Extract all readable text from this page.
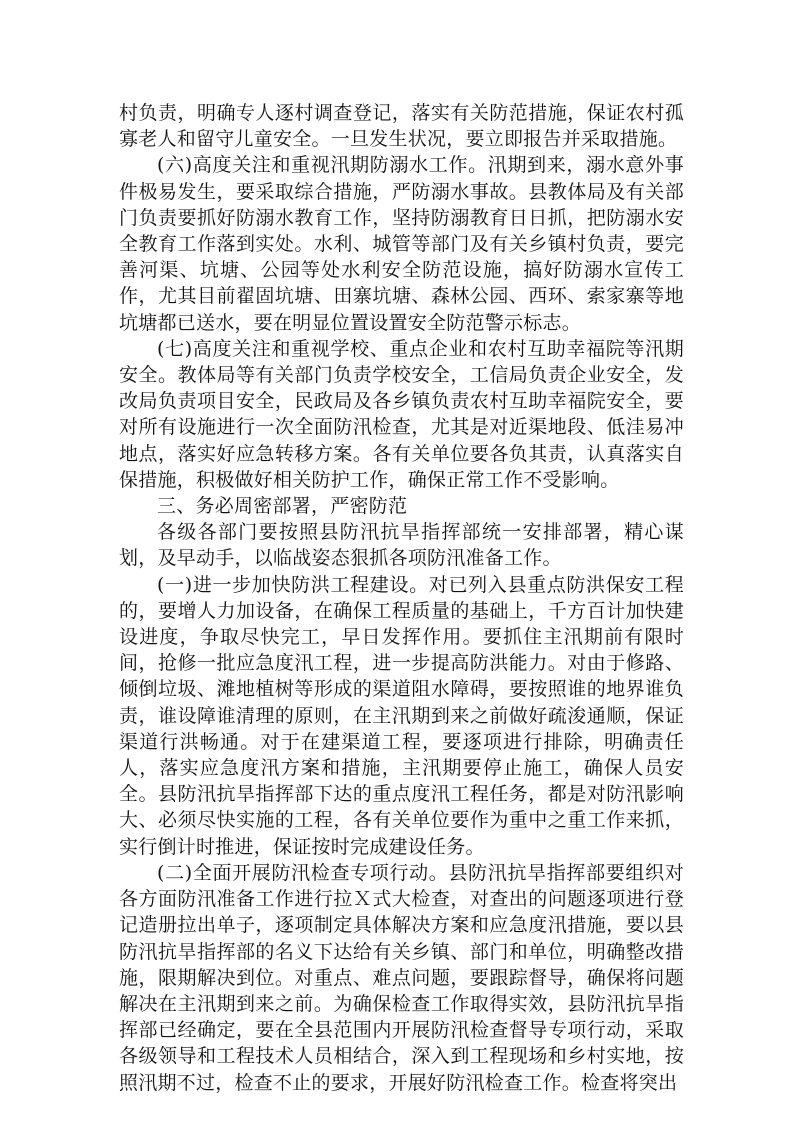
村负责，明确专人逐村调查登记，落实有关防范措施，保证农村孤寡老人和留守儿童安全。一旦发生状况，要立即报告并采取措施。

(六)高度关注和重视汛期防溺水工作。汛期到来，溺水意外事件极易发生，要采取综合措施，严防溺水事故。县教体局及有关部门负责要抓好防溺水教育工作，坚持防溺教育日日抓，把防溺水安全教育工作落到实处。水利、城管等部门及有关乡镇村负责，要完善河渠、坑塘、公园等处水利安全防范设施，搞好防溺水宣传工作，尤其目前翟固坑塘、田寨坑塘、森林公园、西环、索家寨等地坑塘都已送水，要在明显位置设置安全防范警示标志。

(七)高度关注和重视学校、重点企业和农村互助幸福院等汛期安全。教体局等有关部门负责学校安全，工信局负责企业安全，发改局负责项目安全，民政局及各乡镇负责农村互助幸福院安全，要对所有设施进行一次全面防汛检查，尤其是对近渠地段、低洼易冲地点，落实好应急转移方案。各有关单位要各负其责，认真落实自保措施，积极做好相关防护工作，确保正常工作不受影响。

三、务必周密部署，严密防范

各级各部门要按照县防汛抗旱指挥部统一安排部署，精心谋划，及早动手，以临战姿态狠抓各项防汛准备工作。

(一)进一步加快防洪工程建设。对已列入县重点防洪保安工程的，要增人力加设备，在确保工程质量的基础上，千方百计加快建设进度，争取尽快完工，早日发挥作用。要抓住主汛期前有限时间，抢修一批应急度汛工程，进一步提高防洪能力。对由于修路、倾倒垃圾、滩地植树等形成的渠道阻水障碍，要按照谁的地界谁负责，谁设障谁清理的原则，在主汛期到来之前做好疏浚通顺，保证渠道行洪畅通。对于在建渠道工程，要逐项进行排除，明确责任人，落实应急度汛方案和措施，主汛期要停止施工，确保人员安全。县防汛抗旱指挥部下达的重点度汛工程任务，都是对防汛影响大、必须尽快实施的工程，各有关单位要作为重中之重工作来抓，实行倒计时推进，保证按时完成建设任务。

(二)全面开展防汛检查专项行动。县防汛抗旱指挥部要组织对各方面防汛准备工作进行拉Ｘ式大检查，对查出的问题逐项进行登记造册拉出单子，逐项制定具体解决方案和应急度汛措施，要以县防汛抗旱指挥部的名义下达给有关乡镇、部门和单位，明确整改措施，限期解决到位。对重点、难点问题，要跟踪督导，确保将问题解决在主汛期到来之前。为确保检查工作取得实效，县防汛抗旱指挥部已经确定，要在全县范围内开展防汛检查督导专项行动，采取各级领导和工程技术人员相结合，深入到工程现场和乡村实地，按照汛期不过，检查不止的要求，开展好防汛检查工作。检查将突出
